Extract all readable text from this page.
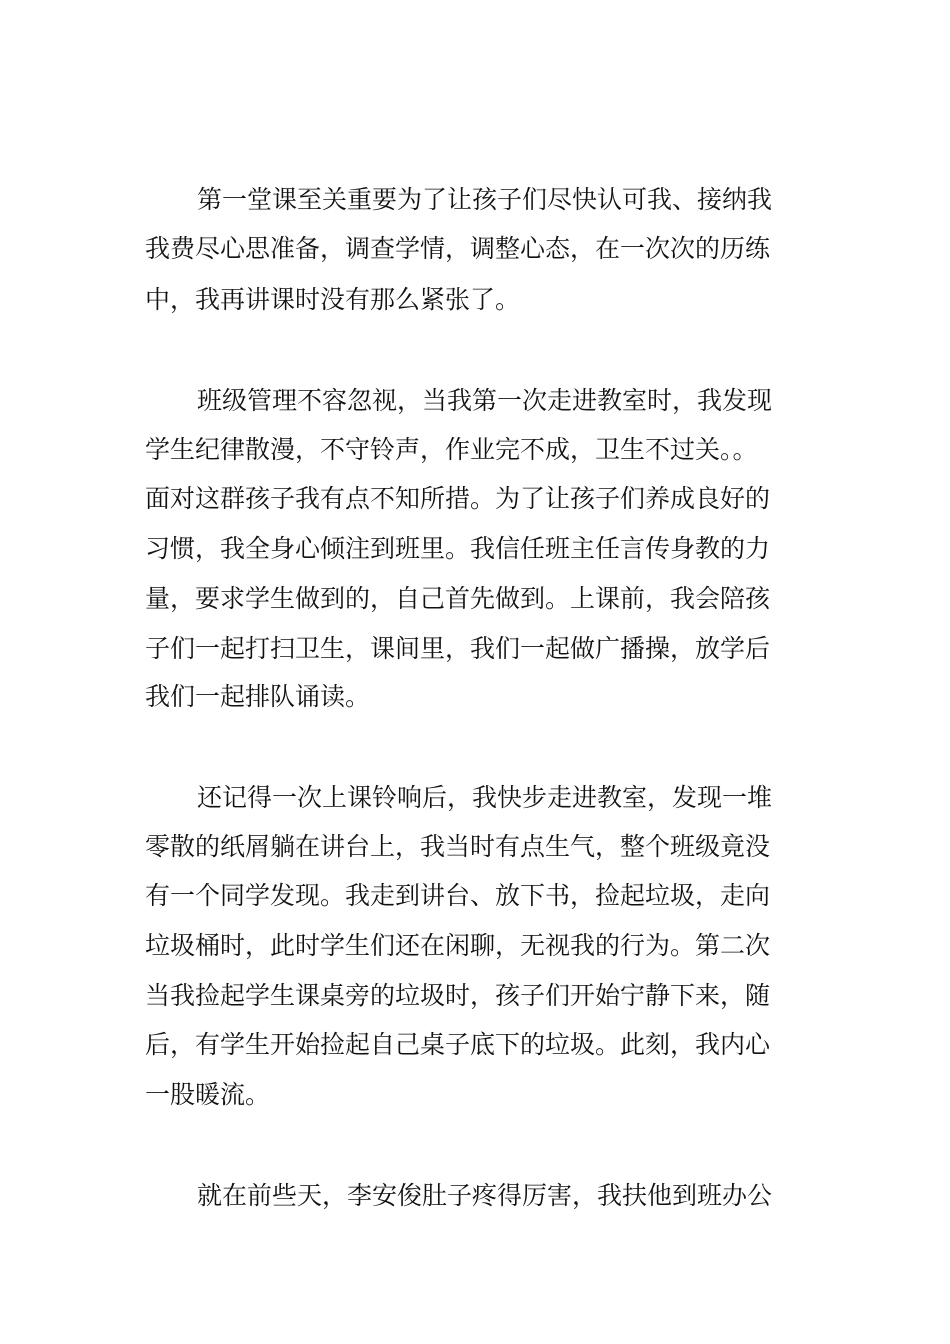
第一堂课至关重要为了让孩子们尽快认可我、接纳我

我费尽心思准备，调查学情，调整心态，在一次次的历练

中，我再讲课时没有那么紧张了。

班级管理不容忽视，当我第一次走进教室时，我发现

学生纪律散漫，不守铃声，作业完不成，卫生不过关。。

面对这群孩子我有点不知所措。为了让孩子们养成良好的

习惯，我全身心倾注到班里。我信任班主任言传身教的力

量，要求学生做到的，自己首先做到。上课前，我会陪孩

子们一起打扫卫生，课间里，我们一起做广播操，放学后

我们一起排队诵读。

还记得一次上课铃响后，我快步走进教室，发现一堆

零散的纸屑躺在讲台上，我当时有点生气，整个班级竟没

有一个同学发现。我走到讲台、放下书，捡起垃圾，走向

垃圾桶时，此时学生们还在闲聊，无视我的行为。第二次

当我捡起学生课桌旁的垃圾时，孩子们开始宁静下来，随

后，有学生开始捡起自己桌子底下的垃圾。此刻，我内心

一股暖流。

就在前些天，李安俊肚子疼得厉害，我扶他到班办公
